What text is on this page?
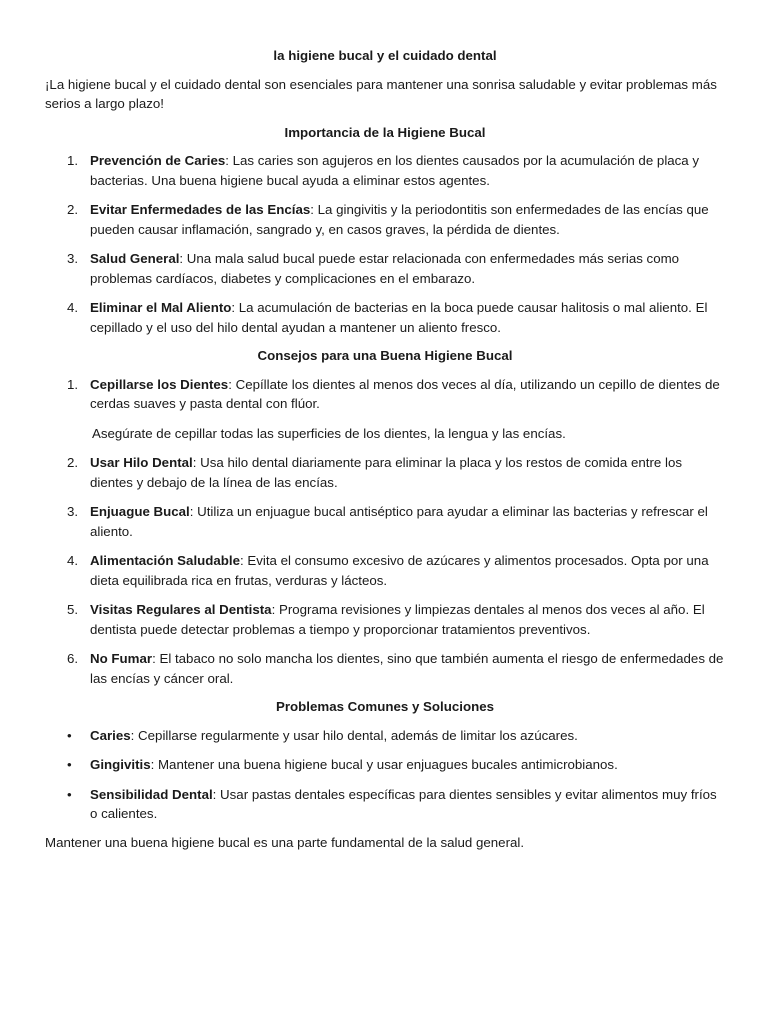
la higiene bucal y el cuidado dental

¡La higiene bucal y el cuidado dental son esenciales para mantener una sonrisa saludable y evitar problemas más serios a largo plazo!

Importancia de la Higiene Bucal

1. Prevención de Caries: Las caries son agujeros en los dientes causados por la acumulación de placa y bacterias. Una buena higiene bucal ayuda a eliminar estos agentes.
2. Evitar Enfermedades de las Encías: La gingivitis y la periodontitis son enfermedades de las encías que pueden causar inflamación, sangrado y, en casos graves, la pérdida de dientes.
3. Salud General: Una mala salud bucal puede estar relacionada con enfermedades más serias como problemas cardíacos, diabetes y complicaciones en el embarazo.
4. Eliminar el Mal Aliento: La acumulación de bacterias en la boca puede causar halitosis o mal aliento. El cepillado y el uso del hilo dental ayudan a mantener un aliento fresco.

Consejos para una Buena Higiene Bucal

1. Cepillarse los Dientes: Cepíllate los dientes al menos dos veces al día, utilizando un cepillo de dientes de cerdas suaves y pasta dental con flúor.

Asegúrate de cepillar todas las superficies de los dientes, la lengua y las encías.

2. Usar Hilo Dental: Usa hilo dental diariamente para eliminar la placa y los restos de comida entre los dientes y debajo de la línea de las encías.
3. Enjuague Bucal: Utiliza un enjuague bucal antiséptico para ayudar a eliminar las bacterias y refrescar el aliento.
4. Alimentación Saludable: Evita el consumo excesivo de azúcares y alimentos procesados. Opta por una dieta equilibrada rica en frutas, verduras y lácteos.
5. Visitas Regulares al Dentista: Programa revisiones y limpiezas dentales al menos dos veces al año. El dentista puede detectar problemas a tiempo y proporcionar tratamientos preventivos.
6. No Fumar: El tabaco no solo mancha los dientes, sino que también aumenta el riesgo de enfermedades de las encías y cáncer oral.

Problemas Comunes y Soluciones

•	Caries: Cepillarse regularmente y usar hilo dental, además de limitar los azúcares.
•	Gingivitis: Mantener una buena higiene bucal y usar enjuagues bucales antimicrobianos.
•	Sensibilidad Dental: Usar pastas dentales específicas para dientes sensibles y evitar alimentos muy fríos o calientes.

Mantener una buena higiene bucal es una parte fundamental de la salud general.
